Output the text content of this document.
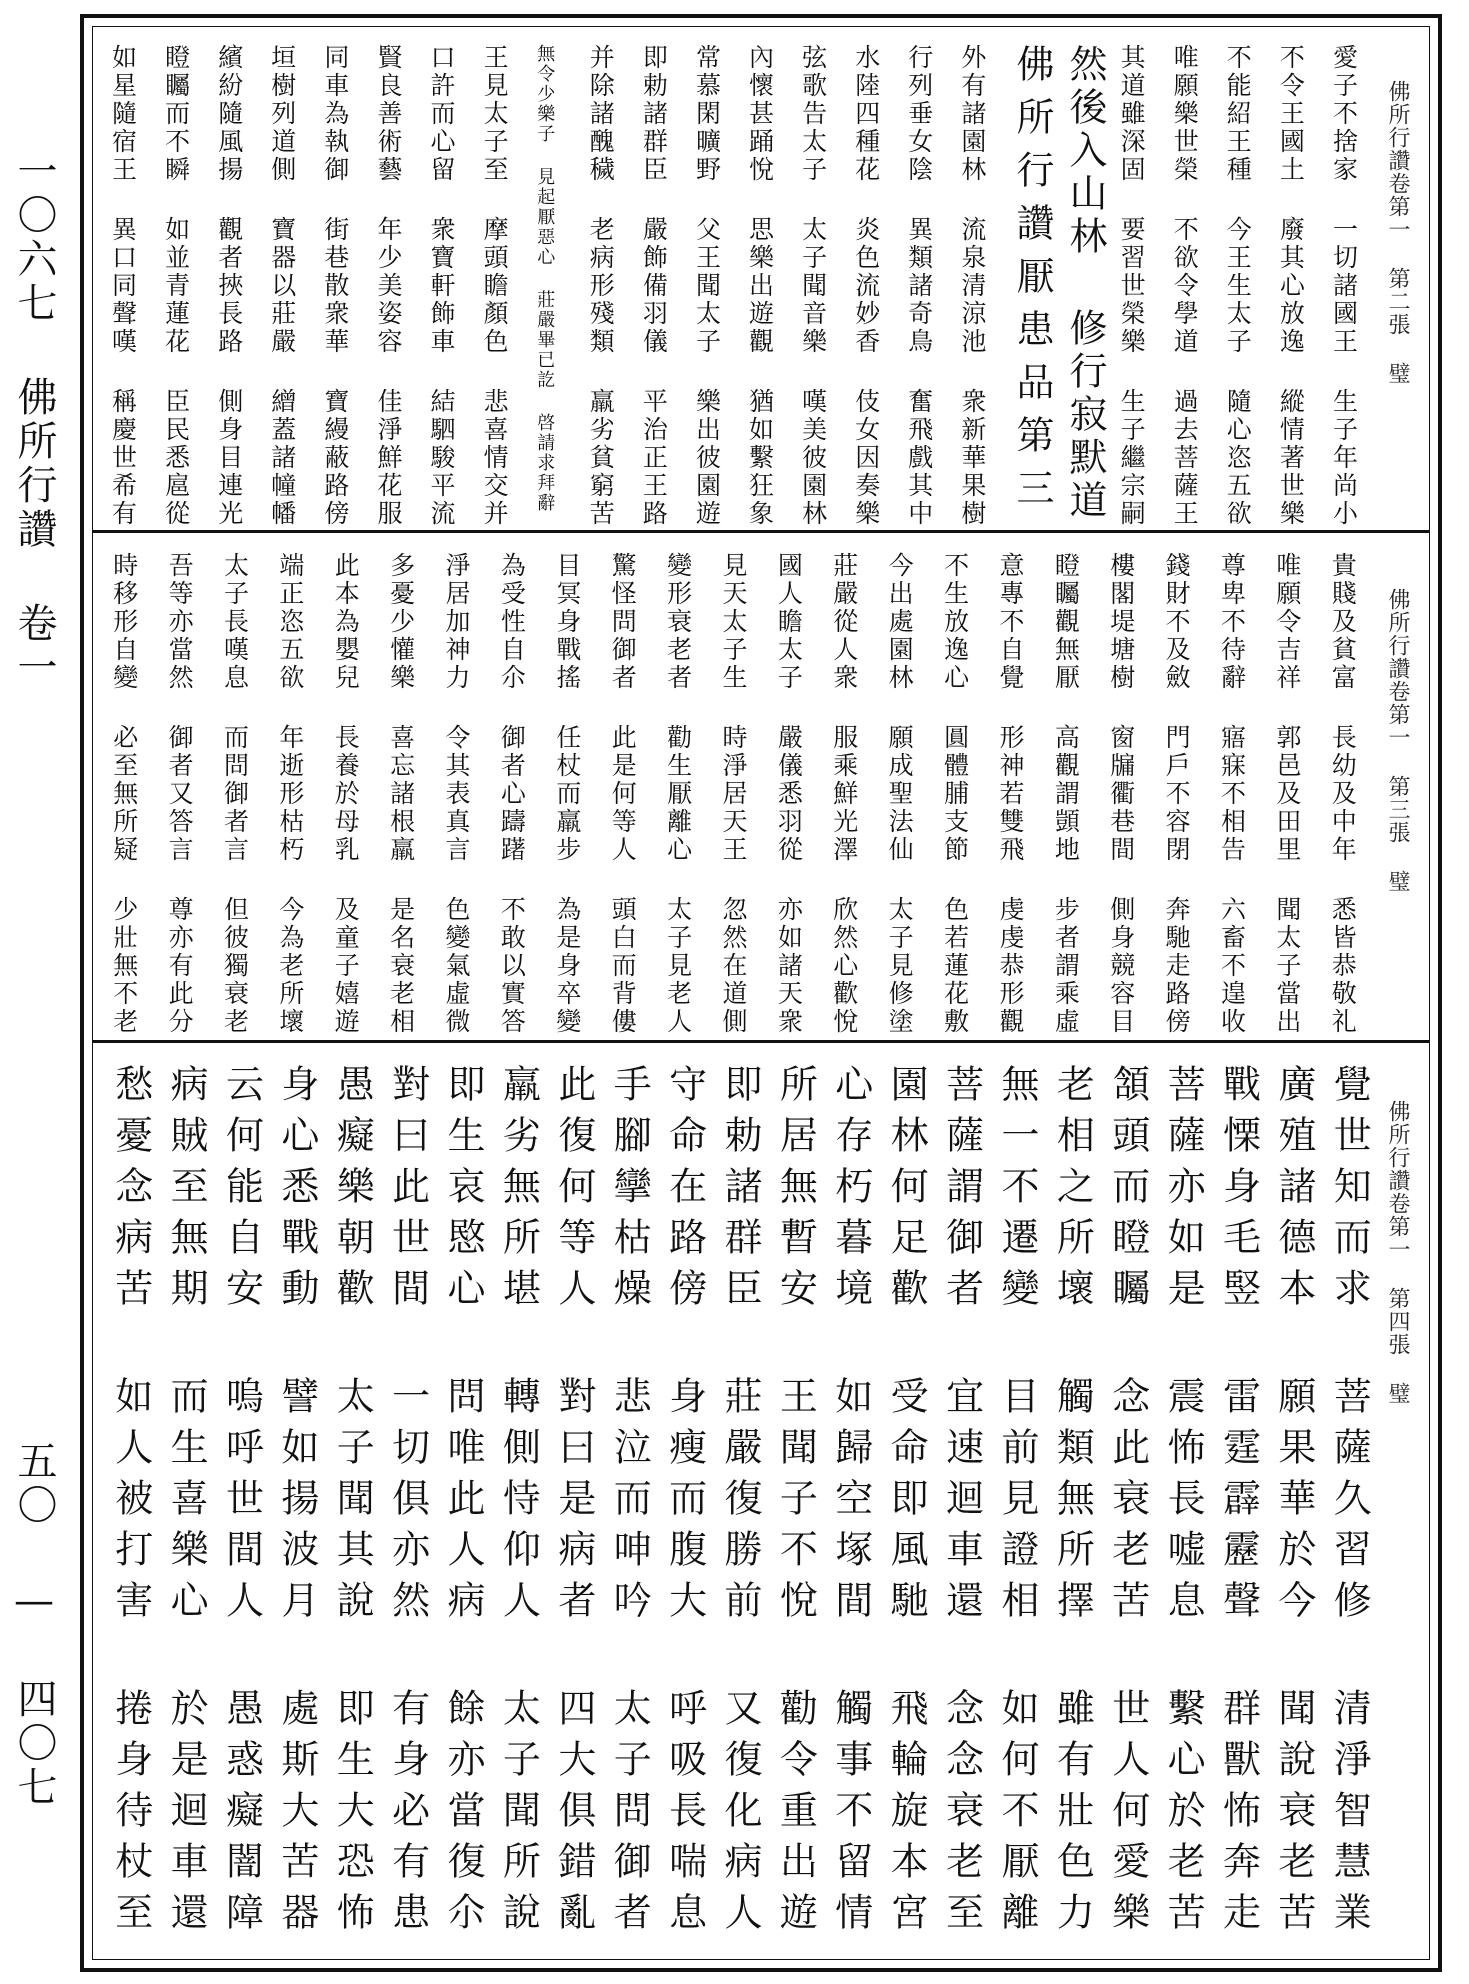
一〇六七 佛所行讚 卷一
五〇 — 四〇七
佛所行讚卷第一 第二張 璧
愛子不捨家 一切諸國王 生子年尚小
不令王國土 廢其心放逸 縱情著世樂
不能紹王種 今王生太子 隨心恣五欲
唯願樂世榮 不欲令學道 過去菩薩王
其道雖深固 要習世榮樂 生子繼宗嗣
然後入山林 修行寂默道
佛所行讚厭患品第三
外有諸園林 流泉清涼池 衆新華果樹
行列垂女陰 異類諸奇鳥 奮飛戲其中
水陸四種花 炎色流妙香 伎女因奏樂
弦歌告太子 太子聞音樂 嘆美彼園林
內懷甚踊悅 思樂出遊觀 猶如繫狂象
常慕閑曠野 父王聞太子 樂出彼園遊
即勅諸群臣 嚴飾備羽儀 平治正王路
并除諸醜穢 老病形殘類 羸劣貧窮苦
無令少樂子 見起厭惡心 莊嚴畢已訖 啓請求拜辭
王見太子至 摩頭瞻顏色 悲喜情交并
口許而心留 衆寶軒飾車 結駟駿平流
賢良善術藝 年少美姿容 佳淨鮮花服
同車為執御 街巷散衆華 寶縵蔽路傍
垣樹列道側 寶器以莊嚴 繒蓋諸幢幡
繽紛隨風揚 觀者挾長路 側身目連光
瞪矚而不瞬 如並青蓮花 臣民悉扈從
如星隨宿王 異口同聲嘆 稱慶世希有
佛所行讚卷第一 第三張 璧
貴賤及貧富 長幼及中年 悉皆恭敬礼
唯願令吉祥 郭邑及田里 聞太子當出
尊卑不待辭 寤寐不相告 六畜不遑收
錢財不及斂 門戶不容閉 奔馳走路傍
樓閣堤塘樹 窗牖衢巷間 側身競容目
瞪矚觀無厭 高觀謂顗地 步者謂乘虛
意專不自覺 形神若雙飛 虔虔恭形觀
不生放逸心 圓體脯支節 色若蓮花敷
今出處園林 願成聖法仙 太子見修塗
莊嚴從人衆 服乘鮮光澤 欣然心歡悅
國人瞻太子 嚴儀悉羽從 亦如諸天衆
見天太子生 時淨居天王 忽然在道側
變形衰老者 勸生厭離心 太子見老人
驚怪問御者 此是何等人 頭白而背僂
目冥身戰搖 任杖而羸步 為是身卒變
為受性自尒 御者心躊躇 不敢以實答
淨居加神力 令其表真言 色變氣虛微
多憂少懽樂 喜忘諸根羸 是名衰老相
此本為嬰兒 長養於母乳 及童子嬉遊
端正恣五欲 年逝形枯朽 今為老所壞
太子長嘆息 而問御者言 但彼獨衰老
吾等亦當然 御者又答言 尊亦有此分
時移形自變 必至無所疑 少壯無不老
佛所行讚卷第一 第四張 璧
覺世知而求 菩薩久習修 清淨智慧業
廣殖諸德本 願果華於今 聞說衰老苦
戰慄身毛竪 雷霆霹靂聲 群獸怖奔走
菩薩亦如是 震怖長嘘息 繫心於老苦
頷頭而瞪矚 念此衰老苦 世人何愛樂
老相之所壞 觸類無所擇 雖有壯色力
無一不遷變 目前見證相 如何不厭離
菩薩謂御者 宜速迴車還 念念衰老至
園林何足歡 受命即風馳 飛輪旋本宮
心存朽暮境 如歸空塚間 觸事不留情
所居無暫安 王聞子不悅 勸令重出遊
即勅諸群臣 莊嚴復勝前 又復化病人
守命在路傍 身瘦而腹大 呼吸長喘息
手腳攣枯燥 悲泣而呻吟 太子問御者
此復何等人 對曰是病者 四大俱錯亂
羸劣無所堪 轉側恃仰人 太子聞所說
即生哀愍心 問唯此人病 餘亦當復尒
對曰此世間 一切俱亦然 有身必有患
愚癡樂朝歡 太子聞其說 即生大恐怖
身心悉戰動 譬如揚波月 處斯大苦器
云何能自安 嗚呼世間人 愚惑癡闇障
病賊至無期 而生喜樂心 於是迴車還
愁憂念病苦 如人被打害 捲身待杖至
